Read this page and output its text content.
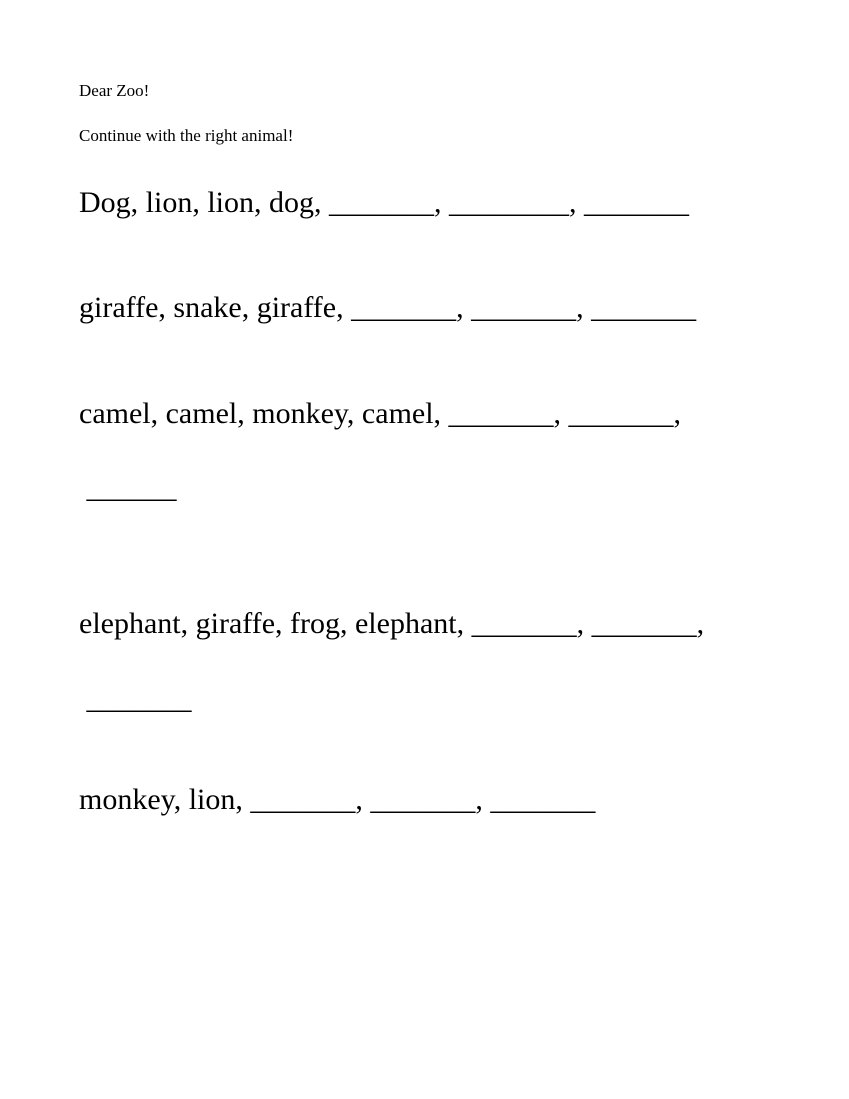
Dear Zoo!

Continue with the right animal!

Dog, lion, lion, dog, _______, ________, _______

giraffe, snake, giraffe, _______, _______, _______

camel, camel, monkey, camel, _______, _______,

______

elephant, giraffe, frog, elephant, _______, _______,

_______

monkey, lion, _______, _______, _______
